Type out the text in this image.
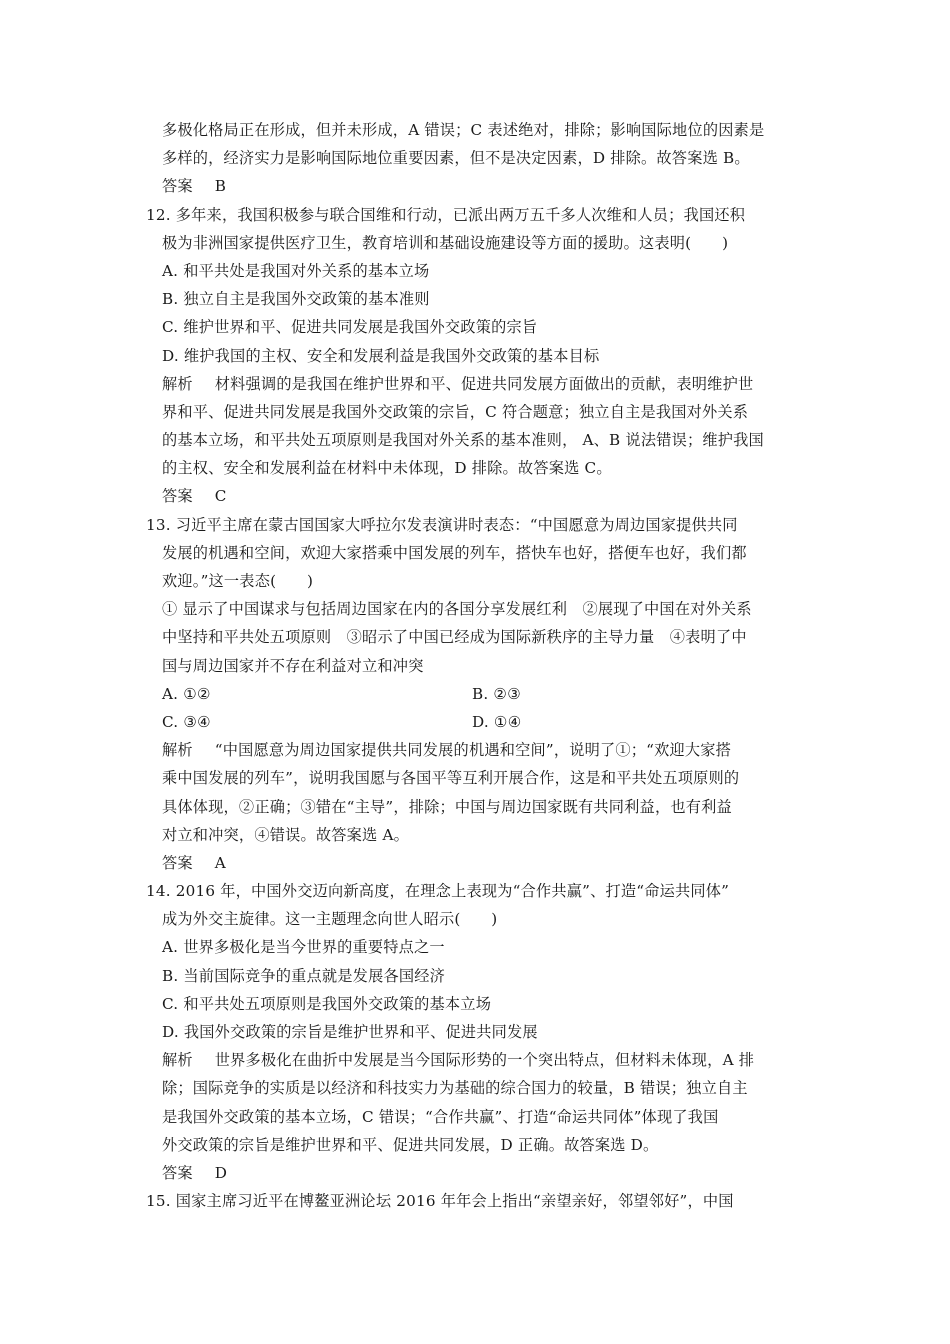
多极化格局正在形成，但并未形成，A 错误；C 表述绝对，排除；影响国际地位的因素是
多样的，经济实力是影响国际地位重要因素，但不是决定因素，D 排除。故答案选 B。
答案 B
12. 多年来，我国积极参与联合国维和行动，已派出两万五千多人次维和人员；我国还积
极为非洲国家提供医疗卫生，教育培训和基础设施建设等方面的援助。这表明(　　)
A. 和平共处是我国对外关系的基本立场
B. 独立自主是我国外交政策的基本准则
C. 维护世界和平、促进共同发展是我国外交政策的宗旨
D. 维护我国的主权、安全和发展利益是我国外交政策的基本目标
解析 材料强调的是我国在维护世界和平、促进共同发展方面做出的贡献，表明维护世
界和平、促进共同发展是我国外交政策的宗旨，C 符合题意；独立自主是我国对外关系
的基本立场，和平共处五项原则是我国对外关系的基本准则， A、B 说法错误；维护我国
的主权、安全和发展利益在材料中未体现，D 排除。故答案选 C。
答案 C
13. 习近平主席在蒙古国国家大呼拉尔发表演讲时表态：“中国愿意为周边国家提供共同
发展的机遇和空间，欢迎大家搭乘中国发展的列车，搭快车也好，搭便车也好，我们都
欢迎。”这一表态(　　)
① 显示了中国谋求与包括周边国家在内的各国分享发展红利　②展现了中国在对外关系
中坚持和平共处五项原则　③昭示了中国已经成为国际新秩序的主导力量　④表明了中
国与周边国家并不存在利益对立和冲突
A. ①②	B. ②③
C. ③④	D. ①④
解析 “中国愿意为周边国家提供共同发展的机遇和空间”，说明了①；“欢迎大家搭
乘中国发展的列车”，说明我国愿与各国平等互利开展合作，这是和平共处五项原则的
具体体现，②正确；③错在“主导”，排除；中国与周边国家既有共同利益，也有利益
对立和冲突，④错误。故答案选 A。
答案 A
14. 2016 年，中国外交迈向新高度，在理念上表现为“合作共赢”、打造“命运共同体”
成为外交主旋律。这一主题理念向世人昭示(　　)
A. 世界多极化是当今世界的重要特点之一
B. 当前国际竞争的重点就是发展各国经济
C. 和平共处五项原则是我国外交政策的基本立场
D. 我国外交政策的宗旨是维护世界和平、促进共同发展
解析 世界多极化在曲折中发展是当今国际形势的一个突出特点，但材料未体现，A 排
除；国际竞争的实质是以经济和科技实力为基础的综合国力的较量，B 错误；独立自主
是我国外交政策的基本立场，C 错误；“合作共赢”、打造“命运共同体”体现了我国
外交政策的宗旨是维护世界和平、促进共同发展，D 正确。故答案选 D。
答案 D
15. 国家主席习近平在博鳌亚洲论坛 2016 年年会上指出“亲望亲好，邻望邻好”，中国
